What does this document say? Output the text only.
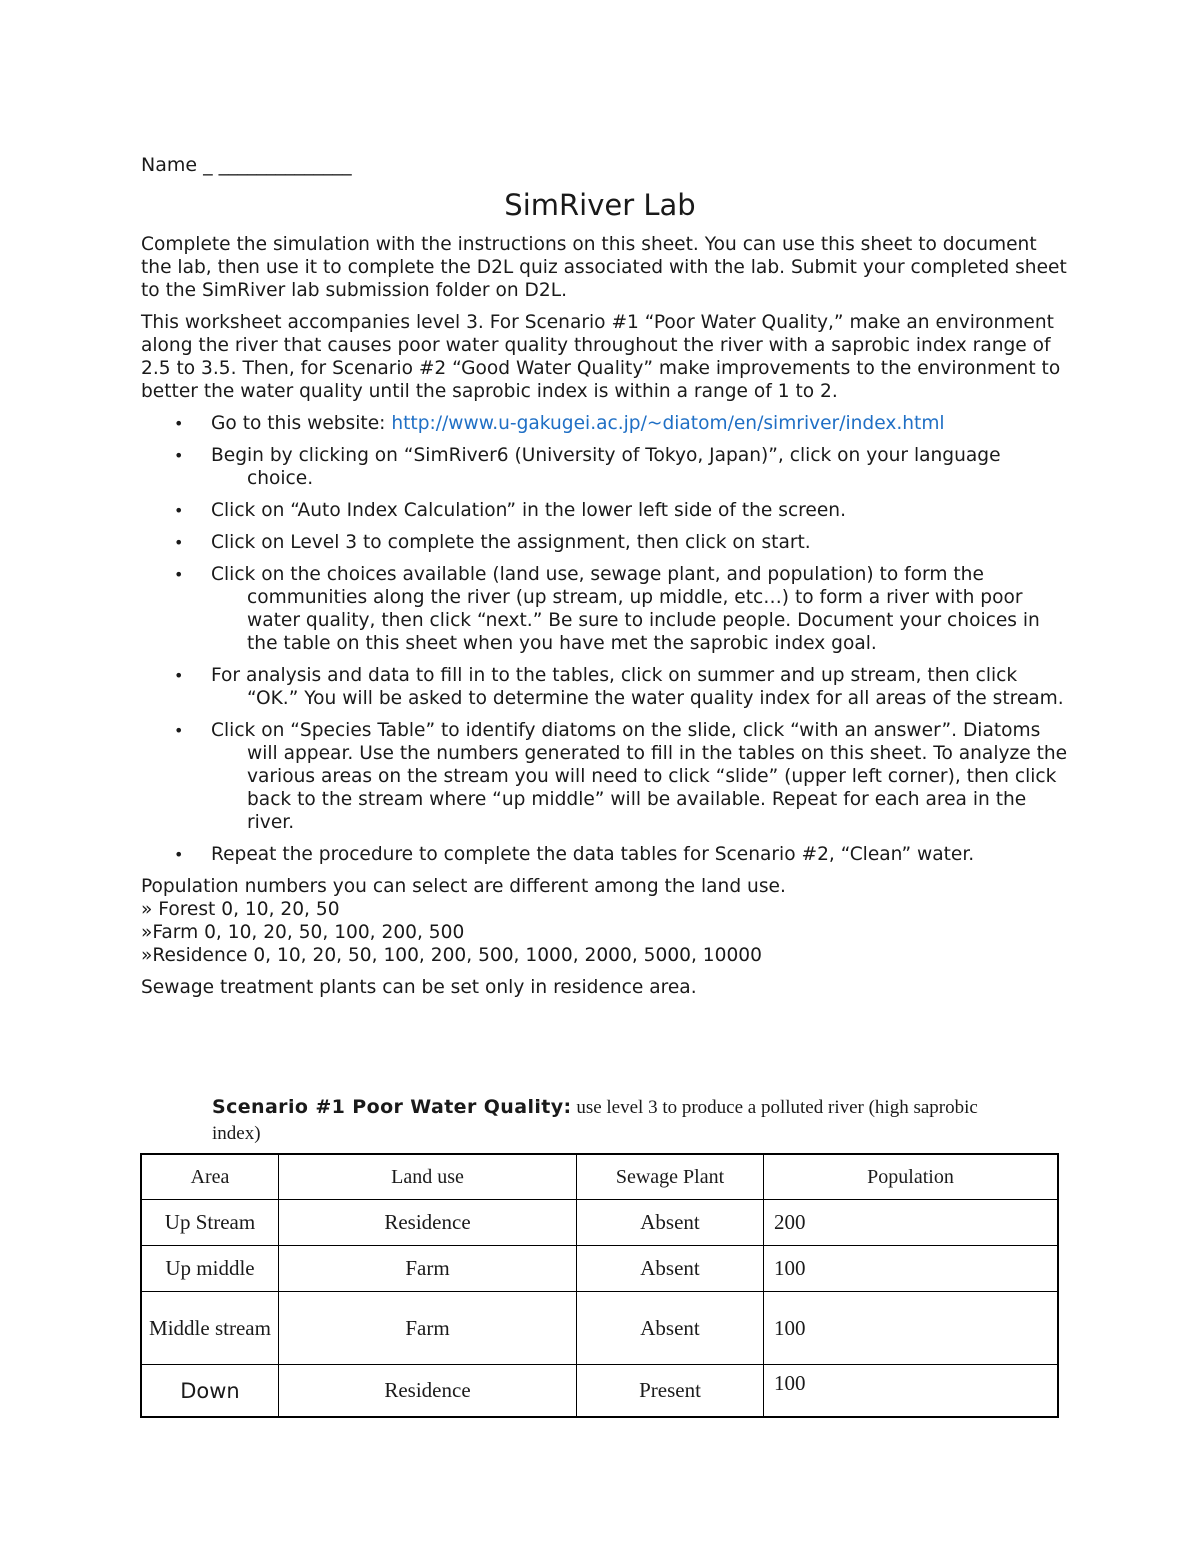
Name _ ______________
SimRiver Lab

Complete the simulation with the instructions on this sheet. You can use this sheet to document the lab, then use it to complete the D2L quiz associated with the lab. Submit your completed sheet to the SimRiver lab submission folder on D2L.

This worksheet accompanies level 3. For Scenario #1 “Poor Water Quality,” make an environment along the river that causes poor water quality throughout the river with a saprobic index range of 2.5 to 3.5. Then, for Scenario #2 “Good Water Quality” make improvements to the environment to better the water quality until the saprobic index is within a range of 1 to 2.

• Go to this website: http://www.u-gakugei.ac.jp/~diatom/en/simriver/index.html
• Begin by clicking on “SimRiver6 (University of Tokyo, Japan)”, click on your language choice.
• Click on “Auto Index Calculation” in the lower left side of the screen.
• Click on Level 3 to complete the assignment, then click on start.
• Click on the choices available (land use, sewage plant, and population) to form the communities along the river (up stream, up middle, etc…) to form a river with poor water quality, then click “next.” Be sure to include people. Document your choices in the table on this sheet when you have met the saprobic index goal.
• For analysis and data to fill in to the tables, click on summer and up stream, then click “OK.” You will be asked to determine the water quality index for all areas of the stream.
• Click on “Species Table” to identify diatoms on the slide, click “with an answer”. Diatoms will appear. Use the numbers generated to fill in the tables on this sheet. To analyze the various areas on the stream you will need to click “slide” (upper left corner), then click back to the stream where “up middle” will be available. Repeat for each area in the river.
• Repeat the procedure to complete the data tables for Scenario #2, “Clean” water.
Population numbers you can select are different among the land use.
» Forest 0, 10, 20, 50
»Farm 0, 10, 20, 50, 100, 200, 500
»Residence 0, 10, 20, 50, 100, 200, 500, 1000, 2000, 5000, 10000
Sewage treatment plants can be set only in residence area.
Scenario #1 Poor Water Quality: use level 3 to produce a polluted river (high saprobic index)
Area	Land use	Sewage Plant	Population
Up Stream	Residence	Absent	200
Up middle	Farm	Absent	100
Middle stream	Farm	Absent	100
Down	Residence	Present	100
